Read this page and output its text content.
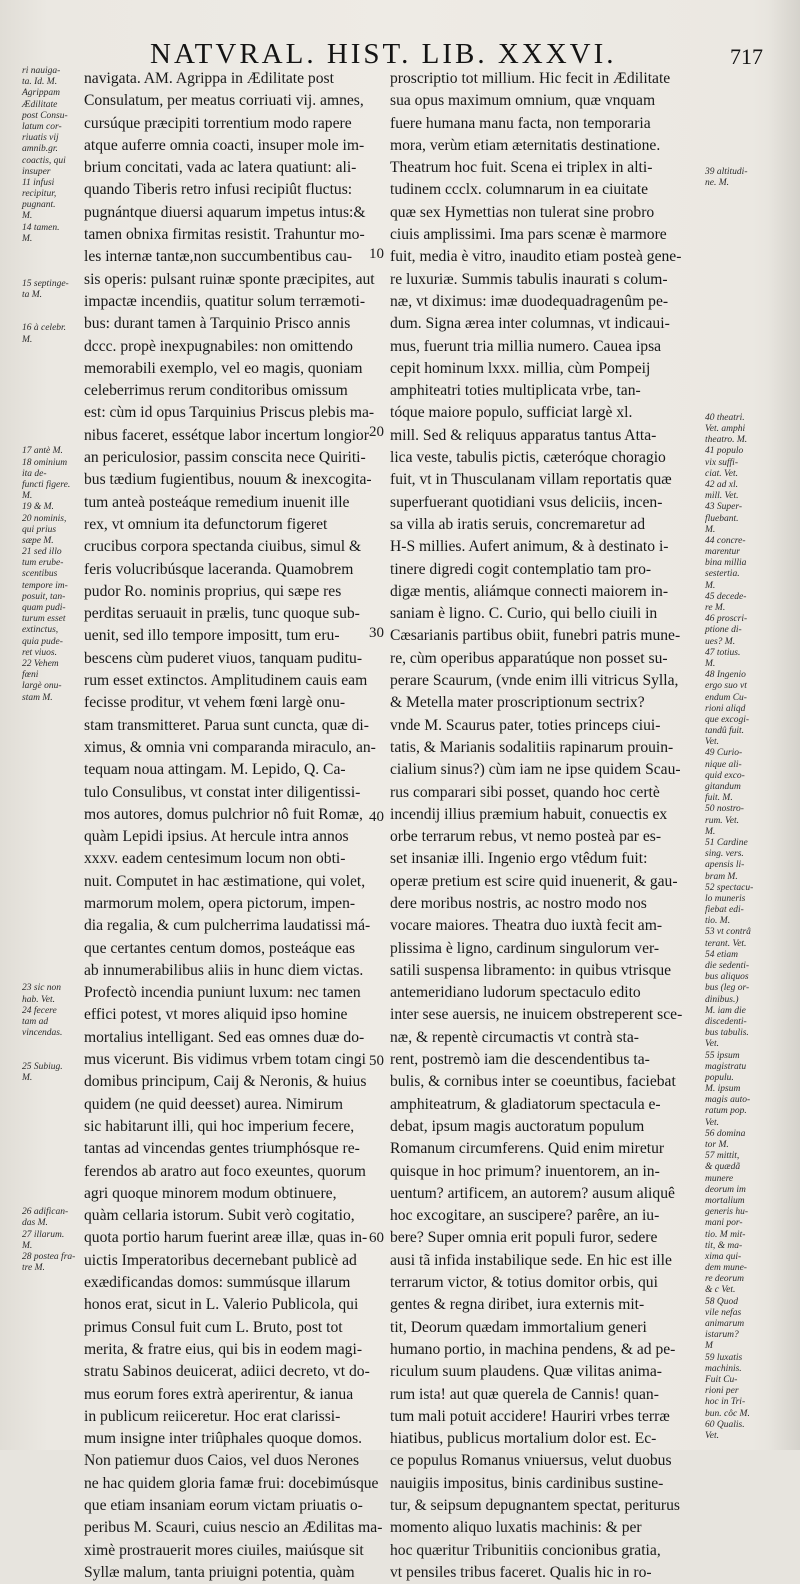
NATVRAL. HIST. LIB. XXXVI.	717
ri nauiga-
ta. Id. M.
Agrippam
Ædilitate
post Consu-
latum cor-
riuatis vij
amnib.gr.
coactis, qui
insuper
11 infusi
recipitur,
pugnant.
M.
14 tamen.
M.
15 septinge-
ta M.
16 à celebr.
M.
17 antè M.
18 ominium
ita de-
functi figere.
M.
19 & M.
20 nominis,
qui prius
sæpe M.
21 sed illo
tum erube-
scentibus
tempore im-
posuit, tan-
quam pudi-
turum esset
extinctus,
quia pude-
ret viuos.
22 Vehem
fœni
largè onu-
stam M.
23 sic non
hab. Vet.
24 fecere
tam ad
vincendas.
25 Subiug.
M.
26 adifican-
das M.
27 illarum.
M.
28 postea fra-
tre M.
navigata. AM. Agrippa in Ædilitate post
Consulatum, per meatus corriuati vij. amnes,
cursúque præcipiti torrentium modo rapere
atque auferre omnia coacti, insuper mole im-
brium concitati, vada ac latera quatiunt: ali-
quando Tiberis retro infusi recipiût fluctus:
pugnántque diuersi aquarum impetus intus:&
tamen obnixa firmitas resistit. Trahuntur mo-
les internæ tantæ,non succumbentibus cau-
sis operis: pulsant ruinæ sponte præcipites, aut
impactæ incendiis, quatitur solum terræmoti-
bus: durant tamen à Tarquinio Prisco annis
dccc. propè inexpugnabiles: non omittendo
memorabili exemplo, vel eo magis, quoniam
celeberrimus rerum conditoribus omissum
est: cùm id opus Tarquinius Priscus plebis ma-
nibus faceret, essétque labor incertum longior
an periculosior, passim conscita nece Quiriti-
bus tædium fugientibus, nouum & inexcogita-
tum anteà posteáque remedium inuenit ille
rex, vt omnium ita defunctorum figeret
crucibus corpora spectanda ciuibus, simul &
feris volucribúsque lacerandа. Quamobrem
pudor Ro. nominis proprius, qui sæpe res
perditas seruauit in prælis, tunc quoque sub-
uenit, sed illo tempore impositt, tum eru-
bescens cùm puderet viuos, tanquam puditu-
rum esset extinctos. Amplitudinem cauis eam
fecisse proditur, vt vehem fœni largè onu-
stam transmitteret. Parua sunt cuncta, quæ di-
ximus, & omnia vni comparanda miraculo, an-
tequam noua attingam. M. Lepido, Q. Ca-
tulo Consulibus, vt constat inter diligentissi-
mos autores, domus pulchrior nô fuit Romæ,
quàm Lepidi ipsius. At hercule intra annos
xxxv. eadem centesimum locum non obti-
nuit. Computet in hac æstimatione, qui volet,
marmorum molem, opera pictorum, impen-
dia regalia, & cum pulcherrima laudatissi má-
que certantes centum domos, posteáque eas
ab innumerabilibus aliis in hunc diem victas.
Profectò incendia puniunt luxum: nec tamen
effici potest, vt mores aliquid ipso homine
mortalius intelligant. Sed eas omnes duæ do-
mus vicerunt. Bis vidimus vrbem totam cingi
domibus principum, Caij & Neronis, & huius
quidem (ne quid deesset) aurea. Nimirum
sic habitarunt illi, qui hoc imperium fecere,
tantas ad vincendas gentes triumphósque re-
ferendos ab aratro aut foco exeuntes, quorum
agri quoque minorem modum obtinuere,
quàm cellaria istorum. Subit verò cogitatio,
quota portio harum fuerint areæ illæ, quas in-
uictis Imperatoribus decernebant publicè ad
exædificandas domos: summúsque illarum
honos erat, sicut in L. Valerio Publicola, qui
primus Consul fuit cum L. Bruto, post tot
merita, & fratre eius, qui bis in eodem magi-
stratu Sabinos deuicerat, adiici decreto, vt do-
mus eorum fores extrà aperirentur, & ianua
in publicum reiiceretur. Hoc erat clarissi-
mum insigne inter triûphales quoque domos.
Non patiemur duos Caios, vel duos Nerones
ne hac quidem gloria famæ frui: docebimúsque
que etiam insaniam eorum victam priuatis o-
peribus M. Scauri, cuius nescio an Ædilitas ma-
ximè prostrauerit mores ciuiles, maiúsque sit
Syllæ malum, tanta priuigni potentia, quàm
10
20
30
40
50
60
proscriptio tot millium. Hic fecit in Ædilitate
sua opus maximum omnium, quæ vnquam
fuere humana manu facta, non temporaria
mora, verùm etiam æternitatis destinatione.
Theatrum hoc fuit. Scena ei triplex in alti-
tudinem ccclx. columnarum in ea ciuitate
quæ sex Hymettias non tulerat sine probro
ciuis amplissimi. Ima pars scenæ è marmore
fuit, media è vitro, inaudito etiam posteà gene-
re luxuriæ. Summis tabulis inaurati s colum-
næ, vt diximus: imæ duodequadragenûm pe-
dum. Signa ærea inter columnas, vt indicaui-
mus, fuerunt tria millia numero. Cauea ipsa
cepit hominum lxxx. millia, cùm Pompeij
amphiteatri toties multiplicata vrbe, tan-
tóque maiore populo, sufficiat largè xl.
mill. Sed & reliquus apparatus tantus Atta-
lica veste, tabulis pictis, cæteróque choragio
fuit, vt in Thusculanam villam reportatis quæ
superfuerant quotidiani vsus deliciis, incen-
sa villa ab iratis seruis, concremaretur ad
H-S millies. Aufert animum, & à destinato i-
tinere digredi cogit contemplatio tam pro-
digæ mentis, aliámque connecti maiorem in-
saniam è ligno. C. Curio, qui bello ciuili in
Cæsarianis partibus obiit, funebri patris mune-
re, cùm operibus apparatúque non posset su-
perare Scaurum, (vnde enim illi vitricus Sylla,
& Metella mater proscriptionum sectrix?
vnde M. Scaurus pater, toties princeps ciui-
tatis, & Marianis sodalitiis rapinarum prouin-
cialium sinus?) cùm iam ne ipse quidem Scau-
rus comparari sibi posset, quando hoc certè
incendij illius præmium habuit, conuectis ex
orbe terrarum rebus, vt nemo posteà par es-
set insaniæ illi. Ingenio ergo vtêdum fuit:
operæ pretium est scire quid inuenerit, & gau-
dere moribus nostris, ac nostro modo nos
vocare maiores. Theatra duo iuxtà fecit am-
plissima è ligno, cardinum singulorum ver-
satili suspensa libramento: in quibus vtrisque
antemeridiano ludorum spectaculo edito
inter sese auersis, ne inuicem obstreperent sce-
næ, & repentè circumactis vt contrà sta-
rent, postremò iam die descendentibus ta-
bulis, & cornibus inter se coeuntibus, faciebat
amphiteatrum, & gladiatorum spectacula e-
debat, ipsum magis auctoratum populum
Romanum circumferens. Quid enim miretur
quisque in hoc primum? inuentorem, an in-
uentum? artificem, an autorem? ausum aliquê
hoc excogitare, an suscipere? parêre, an iu-
bere? Super omnia erit populi furor, sedere
ausi tã infida instabilique sede. En hic est ille
terrarum victor, & totius domitor orbis, qui
gentes & regna diribet, iura externis mit-
tit, Deorum quædam immortalium generi
humano portio, in machina pendens, & ad pe-
riculum suum plaudens. Quæ vilitas anima-
rum ista! aut quæ querela de Cannis! quan-
tum mali potuit accidere! Hauriri vrbes terræ
hiatibus, publicus mortalium dolor est. Ec-
ce populus Romanus vniuersus, velut duobus
nauigiis impositus, binis cardinibus sustine-
tur, & seipsum depugnantem spectat, periturus
momento aliquo luxatis machinis: & per
hoc quæritur Tribunitiis concionibus gratia,
vt pensiles tribus faceret. Qualis hic in ro-
39 altitudi-
ne. M.
40 theatri.
Vet. amphi
theatro. M.
41 populo
vix suffi-
ciat. Vet.
42 ad xl.
mill. Vet.
43 Super-
fluebant.
M.
44 concre-
marentur
bina millia
sestertia.
M.
45 decede-
re M.
46 proscri-
ptione di-
ues? M.
47 totius.
M.
48 Ingenio
ergo suo vt
endum Cu-
rioni aliqd
que excogi-
tandû fuit.
Vet.
49 Curio-
nique ali-
quid exco-
gitandum
fuit. M.
50 nostro-
rum. Vet.
M.
51 Cardine
sing. vers.
apensis li-
bram M.
52 spectacu-
lo muneris
fiebat edi-
tio. M.
53 vt contrâ
terant. Vet.
54 etiam
die sedenti-
bus aliquos
bus (leg or-
dinibus.)
M. iam die
discedenti-
bus tabulis.
Vet.
55 ipsum
magistratu
populu.
M. ipsum
magis auto-
ratum pop.
Vet.
56 domina
tor M.
57 mittit,
& quædã
munere
deorum im
mortalium
generis hu-
mani por-
tio. M mit-
tit, & ma-
xima qui-
dem mune-
re deorum
& c Vet.
58 Quod
vile nefas
animarum
istarum?
M
59 luxatis
machinis.
Fuit Cu-
rioni per
hoc in Tri-
bun. côc M.
60 Qualis.
Vet.
